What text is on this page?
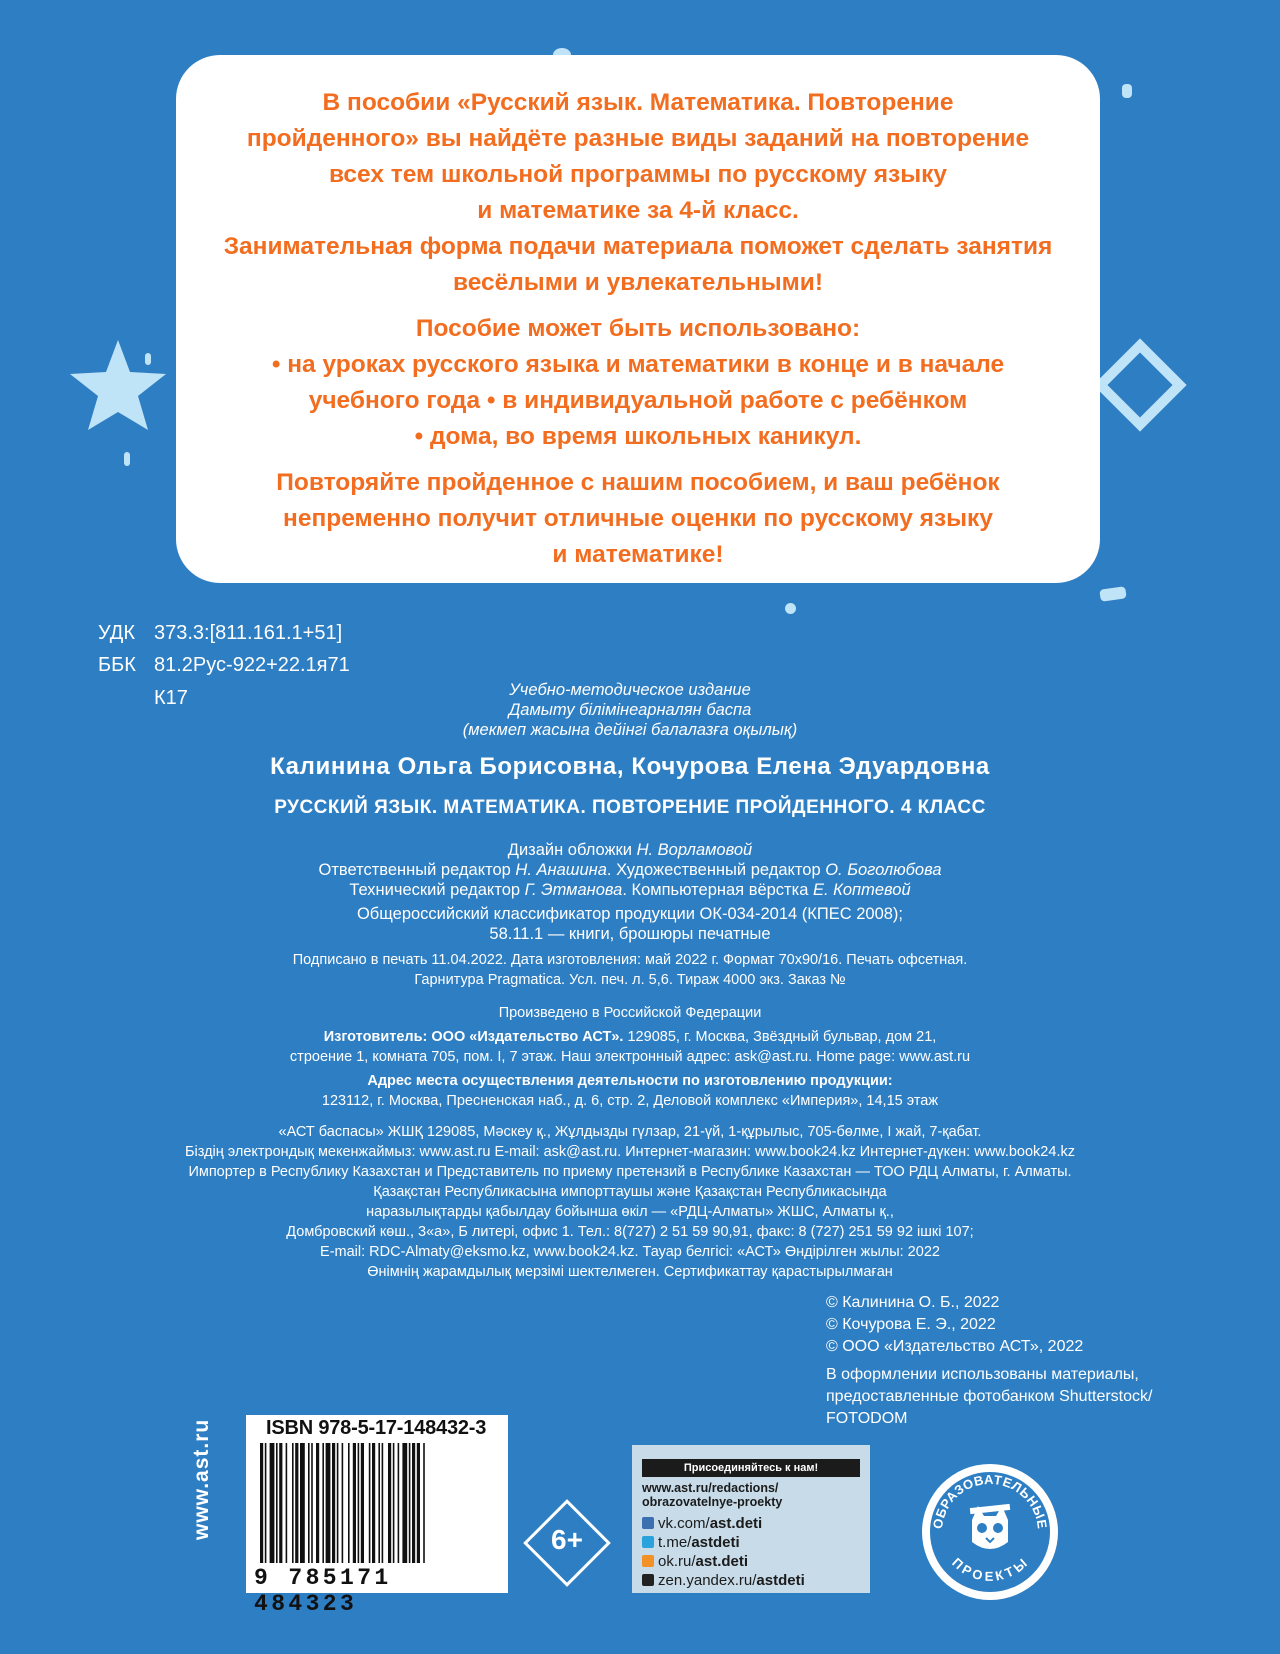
В пособии «Русский язык. Математика. Повторение
пройденного» вы найдёте разные виды заданий на повторение
всех тем школьной программы по русскому языку
и математике за 4-й класс.
Занимательная форма подачи материала поможет сделать занятия
весёлыми и увлекательными!
Пособие может быть использовано:
• на уроках русского языка и математики в конце и в начале
учебного года • в индивидуальной работе с ребёнком
• дома, во время школьных каникул.
Повторяйте пройденное с нашим пособием, и ваш ребёнок
непременно получит отличные оценки по русскому языку
и математике!
УДК 373.3:[811.161.1+51]
ББК 81.2Рус-922+22.1я71
К17	Учебно-методическое издание
Дамыту білімінеарналян баспа
(мекмеп жасына дейінгі балалазға оқылық)
Калинина Ольга Борисовна, Кочурова Елена Эдуардовна
РУССКИЙ ЯЗЫК. МАТЕМАТИКА. ПОВТОРЕНИЕ ПРОЙДЕННОГО. 4 КЛАСС
Дизайн обложки Н. Ворламовой
Ответственный редактор Н. Анашина. Художественный редактор О. Боголюбова
Технический редактор Г. Этманова. Компьютерная вёрстка Е. Коптевой
Общероссийский классификатор продукции ОК-034-2014 (КПЕС 2008);
58.11.1 — книги, брошюры печатные
Подписано в печать 11.04.2022. Дата изготовления: май 2022 г. Формат 70x90/16. Печать офсетная.
Гарнитура Pragmatica. Усл. печ. л. 5,6. Тираж 4000 экз. Заказ №
Произведено в Российской Федерации
Изготовитель: ООО «Издательство АСТ». 129085, г. Москва, Звёздный бульвар, дом 21,
строение 1, комната 705, пом. I, 7 этаж. Наш электронный адрес: ask@ast.ru. Home page: www.ast.ru
Адрес места осуществления деятельности по изготовлению продукции:
123112, г. Москва, Пресненская наб., д. 6, стр. 2, Деловой комплекс «Империя», 14,15 этаж
«АСТ баспасы» ЖШҚ 129085, Мәскеу қ., Жұлдызды гүлзар, 21-үй, 1-құрылыс, 705-бөлме, I жай, 7-қабат.
Біздің электрондық мекенжаймыз: www.ast.ru E-mail: ask@ast.ru. Интернет-магазин: www.book24.kz Интернет-дүкен: www.book24.kz
Импортер в Республику Казахстан и Представитель по приему претензий в Республике Казахстан — ТОО РДЦ Алматы, г. Алматы.
Қазақстан Республикасына импорттаушы және Қазақстан Республикасында
наразылықтарды қабылдау бойынша өкіл — «РДЦ-Алматы» ЖШС, Алматы қ.,
Домбровский көш., 3«а», Б литері, офис 1. Тел.: 8(727) 2 51 59 90,91, факс: 8 (727) 251 59 92 ішкі 107;
E-mail: RDC-Almaty@eksmo.kz, www.book24.kz. Тауар белгісі: «АСТ» Өндірілген жылы: 2022
Өнімнің жарамдылық мерзімі шектелмеген. Сертификаттау қарастырылмаған
© Калинина О. Б., 2022
© Кочурова Е. Э., 2022
© ООО «Издательство АСТ», 2022
В оформлении использованы материалы,
предоставленные фотобанком Shutterstock/
FOTODOM
www.ast.ru	ISBN 978-5-17-148432-3
9 785171 484323
6+
Присоединяйтесь к нам!
www.ast.ru/redactions/
obrazovatelnye-proekty
vk.com/ast.deti
t.me/astdeti
ok.ru/ast.deti
zen.yandex.ru/astdeti
ОБРАЗОВАТЕЛЬНЫЕ
ПРОЕКТЫ
